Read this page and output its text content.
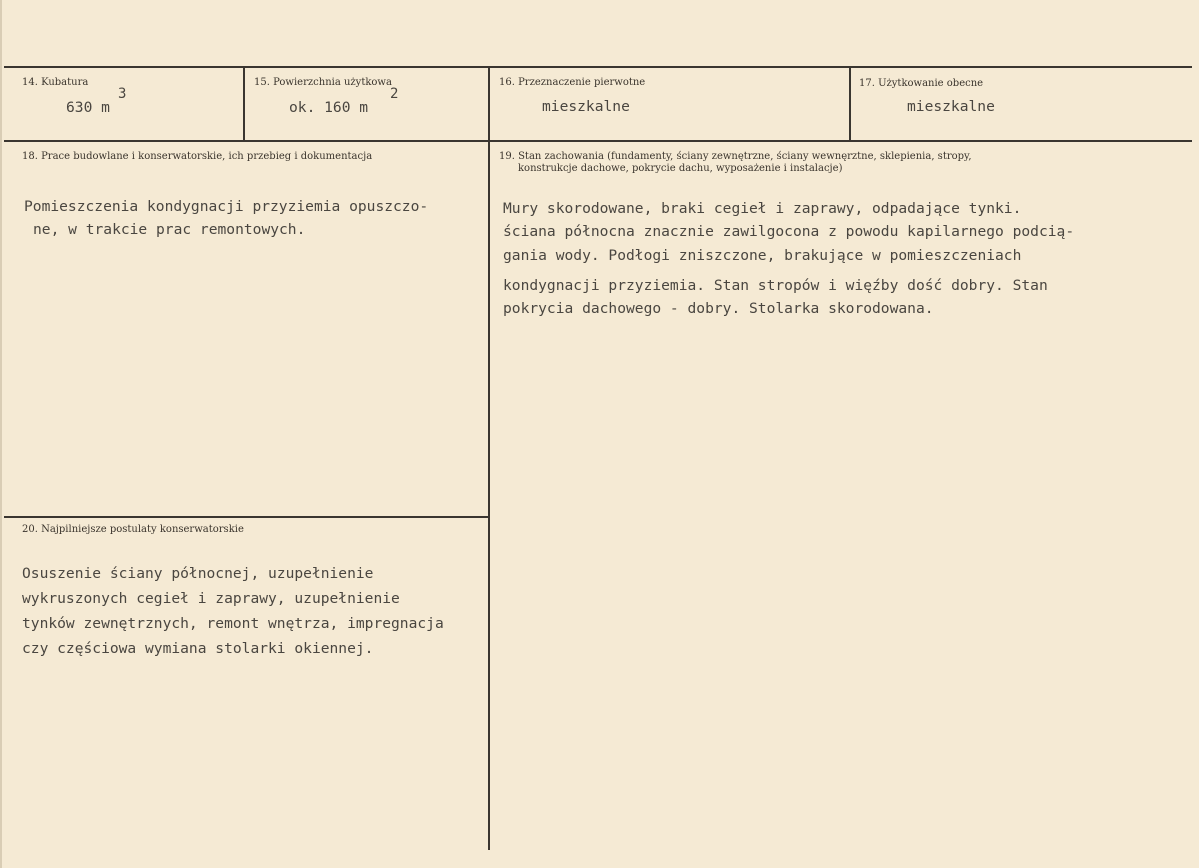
14. Kubatura
630 m
3
15. Powierzchnia użytkowa
ok. 160 m
2
16. Przeznaczenie pierwotne
mieszkalne
17. Użytkowanie obecne
mieszkalne
18. Prace budowlane i konserwatorskie, ich przebieg i dokumentacja
Pomieszczenia kondygnacji przyziemia opuszczo-
ne, w trakcie prac remontowych.
19. Stan zachowania (fundamenty, ściany zewnętrzne, ściany wewnęrztne, sklepienia, stropy,
konstrukcje dachowe, pokrycie dachu, wyposażenie i instalacje)
Mury skorodowane, braki cegieł i zaprawy, odpadające tynki.
ściana północna znacznie zawilgocona z powodu kapilarnego podcią-
gania wody. Podłogi zniszczone, brakujące w pomieszczeniach
kondygnacji przyziemia. Stan stropów i więźby dość dobry. Stan
pokrycia dachowego - dobry. Stolarka skorodowana.
20. Najpilniejsze postulaty konserwatorskie
Osuszenie ściany północnej, uzupełnienie
wykruszonych cegieł i zaprawy, uzupełnienie
tynków zewnętrznych, remont wnętrza, impregnacja
czy częściowa wymiana stolarki okiennej.
